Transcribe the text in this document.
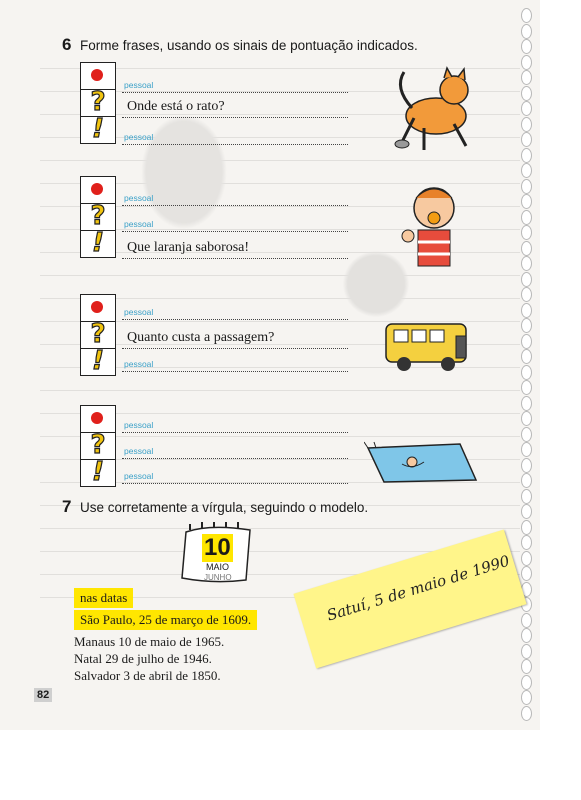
6 Forme frases, usando os sinais de pontuação indicados.
?
!
pessoal
Onde está o rato?
pessoal
?
!
pessoal
pessoal
Que laranja saborosa!
?
!
pessoal
Quanto custa a passagem?
pessoal
?
!
pessoal
pessoal
pessoal
7 Use corretamente a vírgula, seguindo o modelo.
10
MAIO
JUNHO
nas datas
São Paulo, 25 de março de 1609.
Manaus 10 de maio de 1965.
Natal 29 de julho de 1946.
Salvador 3 de abril de 1850.
Satuí, 5 de maio de 1990
82
